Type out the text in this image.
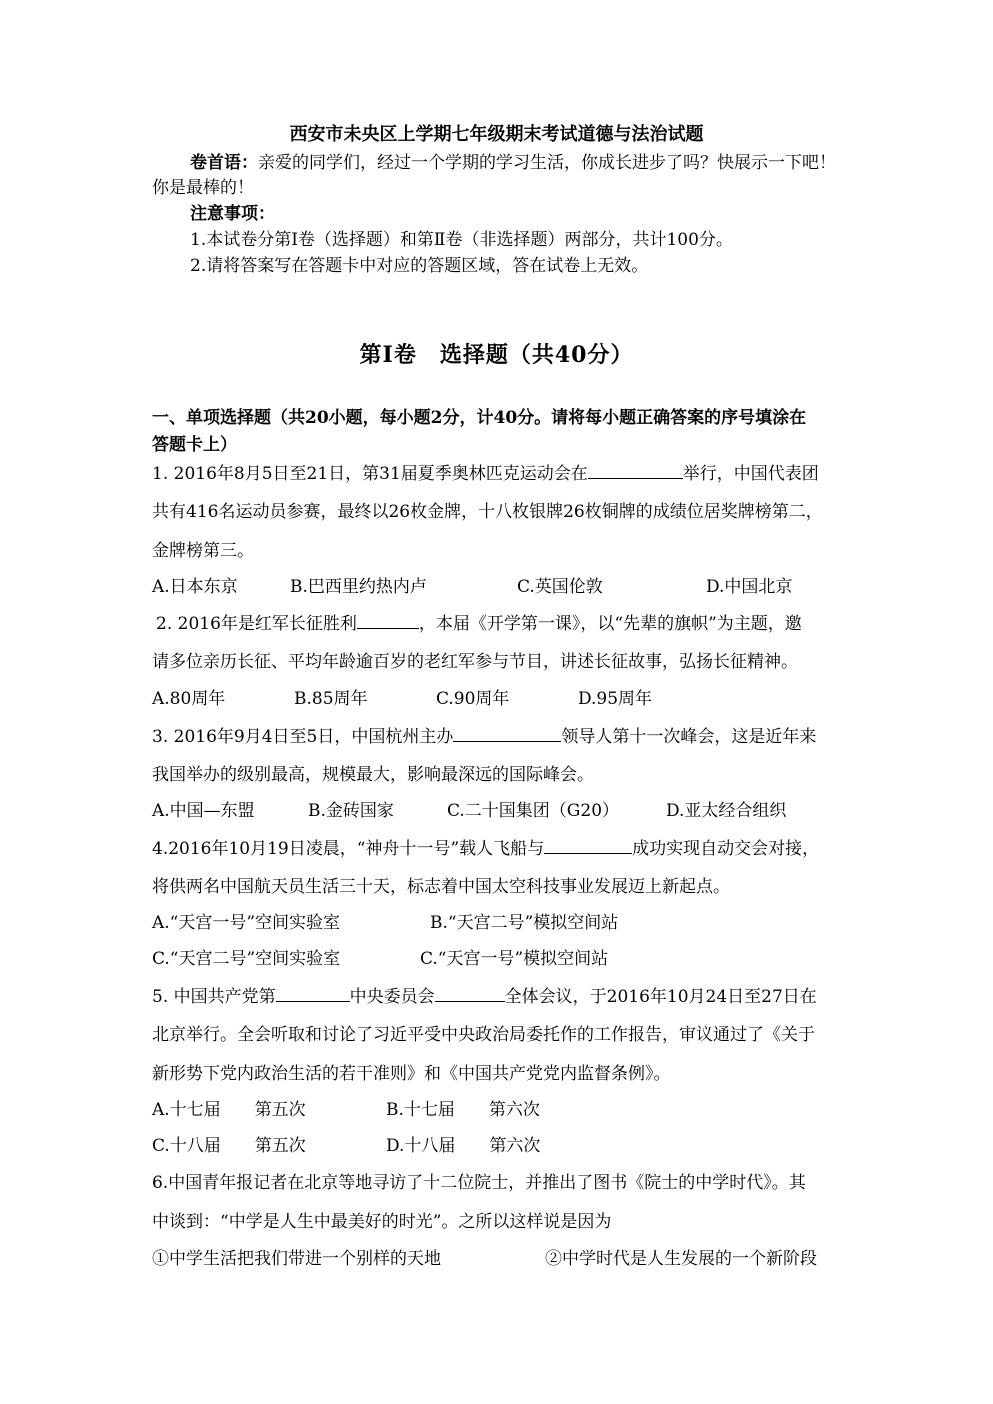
西安市未央区上学期七年级期末考试道德与法治试题
卷首语：亲爱的同学们，经过一个学期的学习生活，你成长进步了吗？快展示一下吧！
你是最棒的！
注意事项：
1.本试卷分第Ⅰ卷（选择题）和第Ⅱ卷（非选择题）两部分，共计100分。
2.请将答案写在答题卡中对应的答题区域，答在试卷上无效。
第Ⅰ卷　选择题（共40分）
一、单项选择题（共20小题，每小题2分，计40分。请将每小题正确答案的序号填涂在
答题卡上）
1. 2016年8月5日至21日，第31届夏季奥林匹克运动会在	举行，中国代表团
共有416名运动员参赛，最终以26枚金牌，十八枚银牌26枚铜牌的成绩位居奖牌榜第二，
金牌榜第三。
A.日本东京	B.巴西里约热内卢	C.英国伦敦	D.中国北京
2. 2016年是红军长征胜利	，本届《开学第一课》，以“先辈的旗帜”为主题，邀
请多位亲历长征、平均年龄逾百岁的老红军参与节目，讲述长征故事，弘扬长征精神。
A.80周年	B.85周年	C.90周年	D.95周年
3. 2016年9月4日至5日，中国杭州主办	领导人第十一次峰会，这是近年来
我国举办的级别最高，规模最大，影响最深远的国际峰会。
A.中国—东盟	B.金砖国家	C.二十国集团（G20）	D.亚太经合组织
4.2016年10月19日凌晨，“神舟十一号”载人飞船与	成功实现自动交会对接，
将供两名中国航天员生活三十天，标志着中国太空科技事业发展迈上新起点。
A.“天宫一号”空间实验室	B.“天宫二号”模拟空间站
C.“天宫二号”空间实验室	C.“天宫一号”模拟空间站
5. 中国共产党第	中央委员会	全体会议，于2016年10月24日至27日在
北京举行。全会听取和讨论了习近平受中央政治局委托作的工作报告，审议通过了《关于
新形势下党内政治生活的若干准则》和《中国共产党党内监督条例》。
A.十七届　　第五次	B.十七届　　第六次
C.十八届　　第五次	D.十八届　　第六次
6.中国青年报记者在北京等地寻访了十二位院士，并推出了图书《院士的中学时代》。其
中谈到：“中学是人生中最美好的时光”。之所以这样说是因为
①中学生活把我们带进一个别样的天地	②中学时代是人生发展的一个新阶段
